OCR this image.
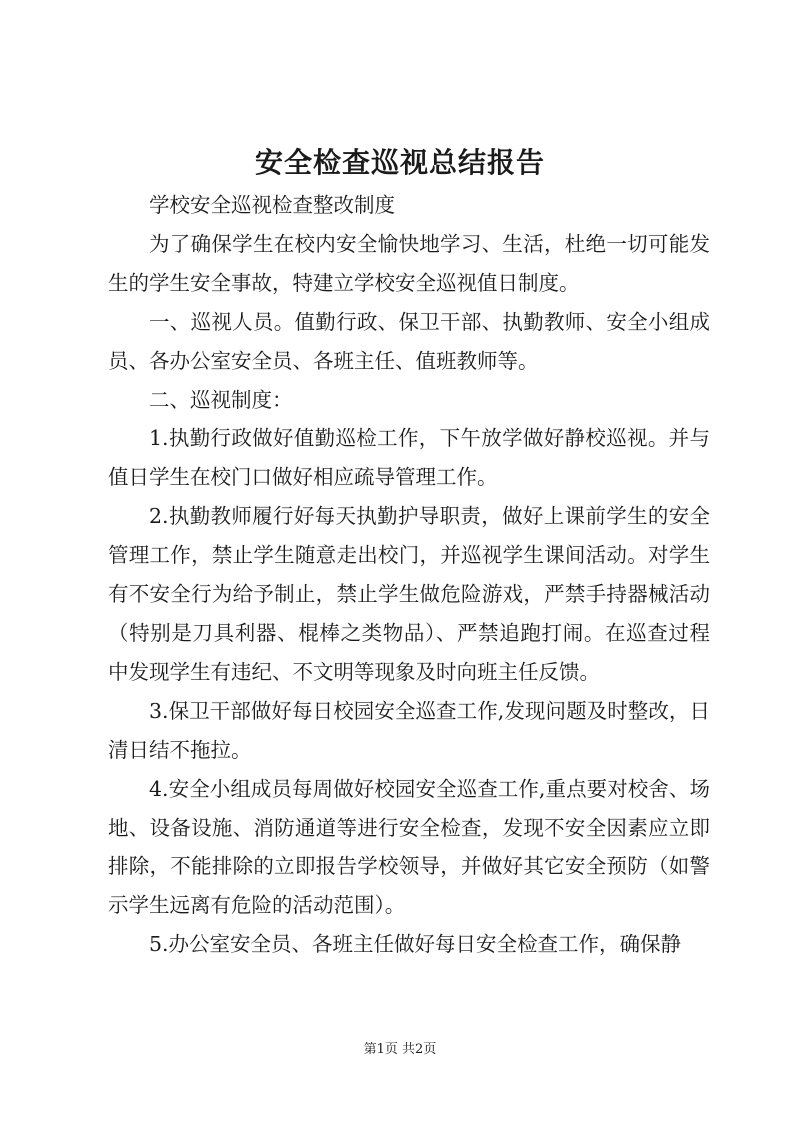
安全检查巡视总结报告

学校安全巡视检查整改制度

为了确保学生在校内安全愉快地学习、生活，杜绝一切可能发生的学生安全事故，特建立学校安全巡视值日制度。

一、巡视人员。值勤行政、保卫干部、执勤教师、安全小组成员、各办公室安全员、各班主任、值班教师等。

二、巡视制度：

1.执勤行政做好值勤巡检工作，下午放学做好静校巡视。并与值日学生在校门口做好相应疏导管理工作。

2.执勤教师履行好每天执勤护导职责，做好上课前学生的安全管理工作，禁止学生随意走出校门，并巡视学生课间活动。对学生有不安全行为给予制止，禁止学生做危险游戏，严禁手持器械活动（特别是刀具利器、棍棒之类物品）、严禁追跑打闹。在巡查过程中发现学生有违纪、不文明等现象及时向班主任反馈。

3.保卫干部做好每日校园安全巡查工作,发现问题及时整改，日清日结不拖拉。

4.安全小组成员每周做好校园安全巡查工作,重点要对校舍、场地、设备设施、消防通道等进行安全检查，发现不安全因素应立即排除，不能排除的立即报告学校领导，并做好其它安全预防（如警示学生远离有危险的活动范围）。

5.办公室安全员、各班主任做好每日安全检查工作，确保静

第1页 共2页
